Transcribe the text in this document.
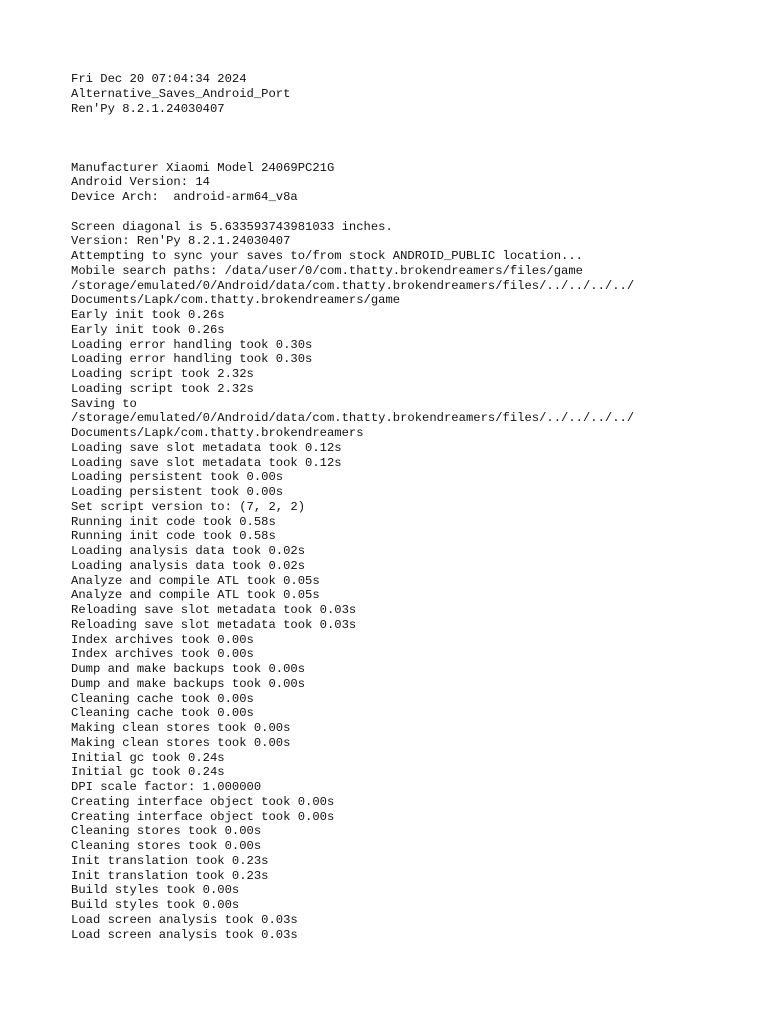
Fri Dec 20 07:04:34 2024
Alternative_Saves_Android_Port
Ren'Py 8.2.1.24030407
Manufacturer Xiaomi Model 24069PC21G
Android Version: 14
Device Arch:  android-arm64_v8a
Screen diagonal is 5.633593743981033 inches.
Version: Ren'Py 8.2.1.24030407
Attempting to sync your saves to/from stock ANDROID_PUBLIC location...
Mobile search paths: /data/user/0/com.thatty.brokendreamers/files/game
/storage/emulated/0/Android/data/com.thatty.brokendreamers/files/../../../../
Documents/Lapk/com.thatty.brokendreamers/game
Early init took 0.26s
Early init took 0.26s
Loading error handling took 0.30s
Loading error handling took 0.30s
Loading script took 2.32s
Loading script took 2.32s
Saving to
/storage/emulated/0/Android/data/com.thatty.brokendreamers/files/../../../../
Documents/Lapk/com.thatty.brokendreamers
Loading save slot metadata took 0.12s
Loading save slot metadata took 0.12s
Loading persistent took 0.00s
Loading persistent took 0.00s
Set script version to: (7, 2, 2)
Running init code took 0.58s
Running init code took 0.58s
Loading analysis data took 0.02s
Loading analysis data took 0.02s
Analyze and compile ATL took 0.05s
Analyze and compile ATL took 0.05s
Reloading save slot metadata took 0.03s
Reloading save slot metadata took 0.03s
Index archives took 0.00s
Index archives took 0.00s
Dump and make backups took 0.00s
Dump and make backups took 0.00s
Cleaning cache took 0.00s
Cleaning cache took 0.00s
Making clean stores took 0.00s
Making clean stores took 0.00s
Initial gc took 0.24s
Initial gc took 0.24s
DPI scale factor: 1.000000
Creating interface object took 0.00s
Creating interface object took 0.00s
Cleaning stores took 0.00s
Cleaning stores took 0.00s
Init translation took 0.23s
Init translation took 0.23s
Build styles took 0.00s
Build styles took 0.00s
Load screen analysis took 0.03s
Load screen analysis took 0.03s
